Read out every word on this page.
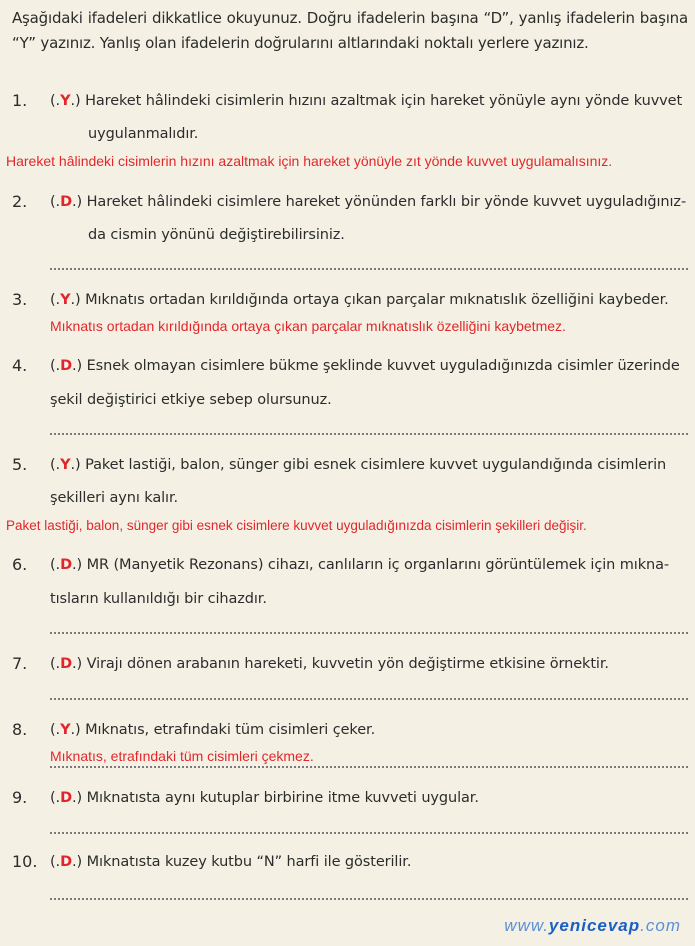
Aşağıdaki ifadeleri dikkatlice okuyunuz. Doğru ifadelerin başına “D”, yanlış ifadelerin başına “Y” yazınız. Yanlış olan ifadelerin doğrularını altlarındaki noktalı yerlere yazınız.
1. (.Y.) Hareket hâlindeki cisimlerin hızını azaltmak için hareket yönüyle aynı yönde kuvvet
uygulanmalıdır.
Hareket hâlindeki cisimlerin hızını azaltmak için hareket yönüyle zıt yönde kuvvet uygulamalısınız.
2. (.D.) Hareket hâlindeki cisimlere hareket yönünden farklı bir yönde kuvvet uyguladığınız-
da cismin yönünü değiştirebilirsiniz.
3. (.Y.) Mıknatıs ortadan kırıldığında ortaya çıkan parçalar mıknatıslık özelliğini kaybeder.
Mıknatıs ortadan kırıldığında ortaya çıkan parçalar mıknatıslık özelliğini kaybetmez.
4. (.D.) Esnek olmayan cisimlere bükme şeklinde kuvvet uyguladığınızda cisimler üzerinde
şekil değiştirici etkiye sebep olursunuz.
5. (.Y.) Paket lastiği, balon, sünger gibi esnek cisimlere kuvvet uygulandığında cisimlerin
şekilleri aynı kalır.
Paket lastiği, balon, sünger gibi esnek cisimlere kuvvet uyguladığınızda cisimlerin şekilleri değişir.
6. (.D.) MR (Manyetik Rezonans) cihazı, canlıların iç organlarını görüntülemek için mıkna-
tısların kullanıldığı bir cihazdır.
7. (.D.) Virajı dönen arabanın hareketi, kuvvetin yön değiştirme etkisine örnektir.
8. (.Y.) Mıknatıs, etrafındaki tüm cisimleri çeker.
Mıknatıs, etrafındaki tüm cisimleri çekmez.
9. (.D.) Mıknatısta aynı kutuplar birbirine itme kuvveti uygular.
10. (.D.) Mıknatısta kuzey kutbu “N” harfi ile gösterilir.
www.yenicevap.com
